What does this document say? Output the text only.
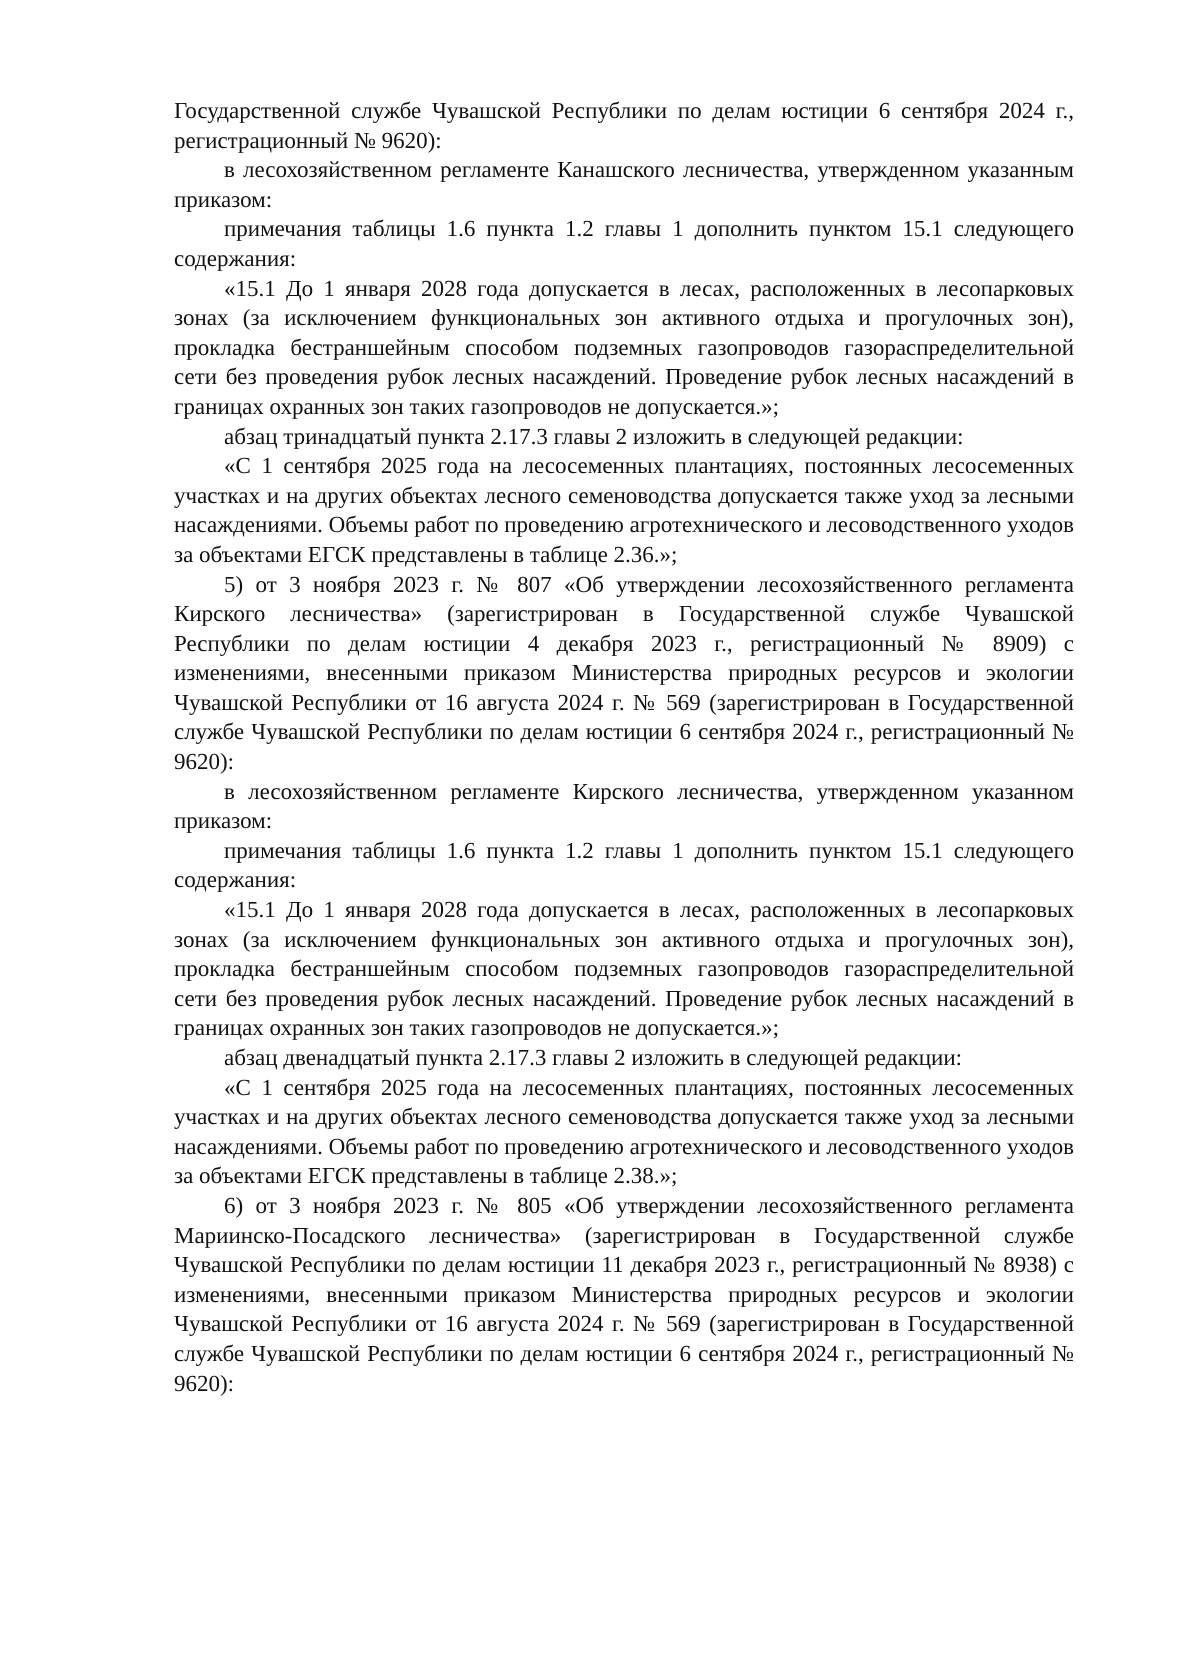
Государственной службе Чувашской Республики по делам юстиции 6 сентября 2024 г., регистрационный № 9620):

в лесохозяйственном регламенте Канашского лесничества, утвержденном указанным приказом:

примечания таблицы 1.6 пункта 1.2 главы 1 дополнить пунктом 15.1 следующего содержания:

«15.1 До 1 января 2028 года допускается в лесах, расположенных в лесопарковых зонах (за исключением функциональных зон активного отдыха и прогулочных зон), прокладка бестраншейным способом подземных газопроводов газораспределительной сети без проведения рубок лесных насаждений. Проведение рубок лесных насаждений в границах охранных зон таких газопроводов не допускается.»;

абзац тринадцатый пункта 2.17.3 главы 2 изложить в следующей редакции:

«С 1 сентября 2025 года на лесосеменных плантациях, постоянных лесосеменных участках и на других объектах лесного семеноводства допускается также уход за лесными насаждениями. Объемы работ по проведению агротехнического и лесоводственного уходов за объектами ЕГСК представлены в таблице 2.36.»;

5) от 3 ноября 2023 г. № 807 «Об утверждении лесохозяйственного регламента Кирского лесничества» (зарегистрирован в Государственной службе Чувашской Республики по делам юстиции 4 декабря 2023 г., регистрационный № 8909) с изменениями, внесенными приказом Министерства природных ресурсов и экологии Чувашской Республики от 16 августа 2024 г. № 569 (зарегистрирован в Государственной службе Чувашской Республики по делам юстиции 6 сентября 2024 г., регистрационный № 9620):

в лесохозяйственном регламенте Кирского лесничества, утвержденном указанном приказом:

примечания таблицы 1.6 пункта 1.2 главы 1 дополнить пунктом 15.1 следующего содержания:

«15.1 До 1 января 2028 года допускается в лесах, расположенных в лесопарковых зонах (за исключением функциональных зон активного отдыха и прогулочных зон), прокладка бестраншейным способом подземных газопроводов газораспределительной сети без проведения рубок лесных насаждений. Проведение рубок лесных насаждений в границах охранных зон таких газопроводов не допускается.»;

абзац двенадцатый пункта 2.17.3 главы 2 изложить в следующей редакции:

«С 1 сентября 2025 года на лесосеменных плантациях, постоянных лесосеменных участках и на других объектах лесного семеноводства допускается также уход за лесными насаждениями. Объемы работ по проведению агротехнического и лесоводственного уходов за объектами ЕГСК представлены в таблице 2.38.»;

6) от 3 ноября 2023 г. № 805 «Об утверждении лесохозяйственного регламента Мариинско-Посадского лесничества» (зарегистрирован в Государственной службе Чувашской Республики по делам юстиции 11 декабря 2023 г., регистрационный № 8938) с изменениями, внесенными приказом Министерства природных ресурсов и экологии Чувашской Республики от 16 августа 2024 г. № 569 (зарегистрирован в Государственной службе Чувашской Республики по делам юстиции 6 сентября 2024 г., регистрационный № 9620):
